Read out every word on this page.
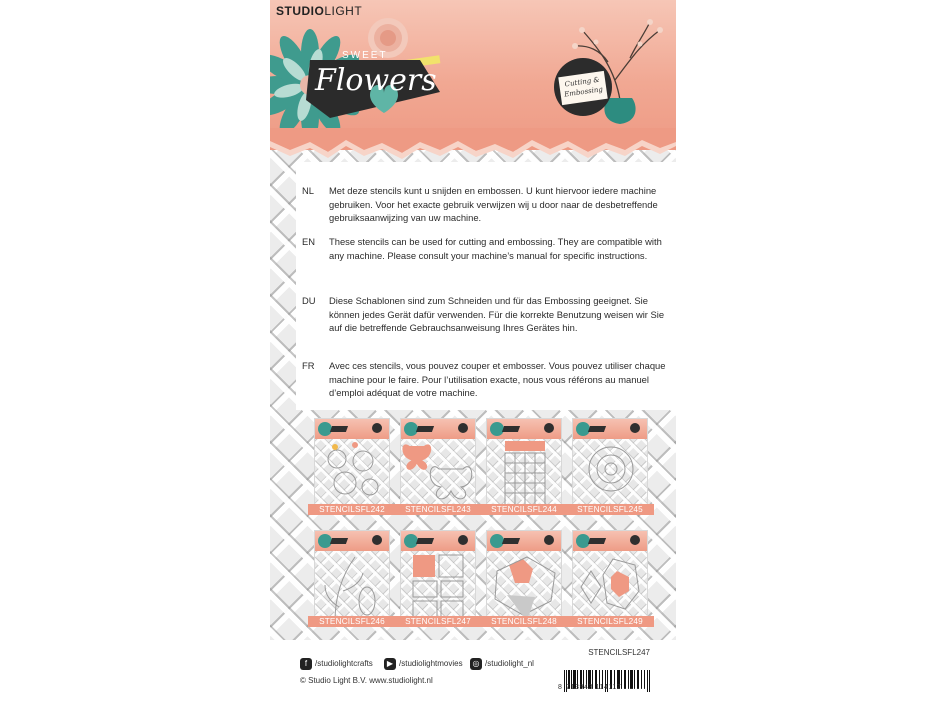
STUDIOLIGHT
SWEET
Flowers	Cutting & Embossing
NL Met deze stencils kunt u snijden en embossen. U kunt hiervoor iedere machine gebruiken. Voor het exacte gebruik verwijzen wij u door naar de desbetreffende gebruiksaanwijzing van uw machine.
EN These stencils can be used for cutting and embossing. They are compatible with any machine. Please consult your machine’s manual for specific instructions.
DU Diese Schablonen sind zum Schneiden und für das Embossing geeignet. Sie können jedes Gerät dafür verwenden. Für die korrekte Benutzung weisen wir Sie auf die betreffende Gebrauchsanweisung Ihres Gerätes hin.
FR Avec ces stencils, vous pouvez couper et embosser. Vous pouvez utiliser chaque machine pour le faire. Pour l’utilisation exacte, nous vous référons au manuel d’emploi adéquat de votre machine.
STENCILSFL242	STENCILSFL243	STENCILSFL244	STENCILSFL245
STENCILSFL246	STENCILSFL247	STENCILSFL248	STENCILSFL249
STENCILSFL247
f /studiolightcrafts	▶ /studiolightmovies	◎ /studiolight_nl
© Studio Light B.V. www.studiolight.nl
8 713943 114117
